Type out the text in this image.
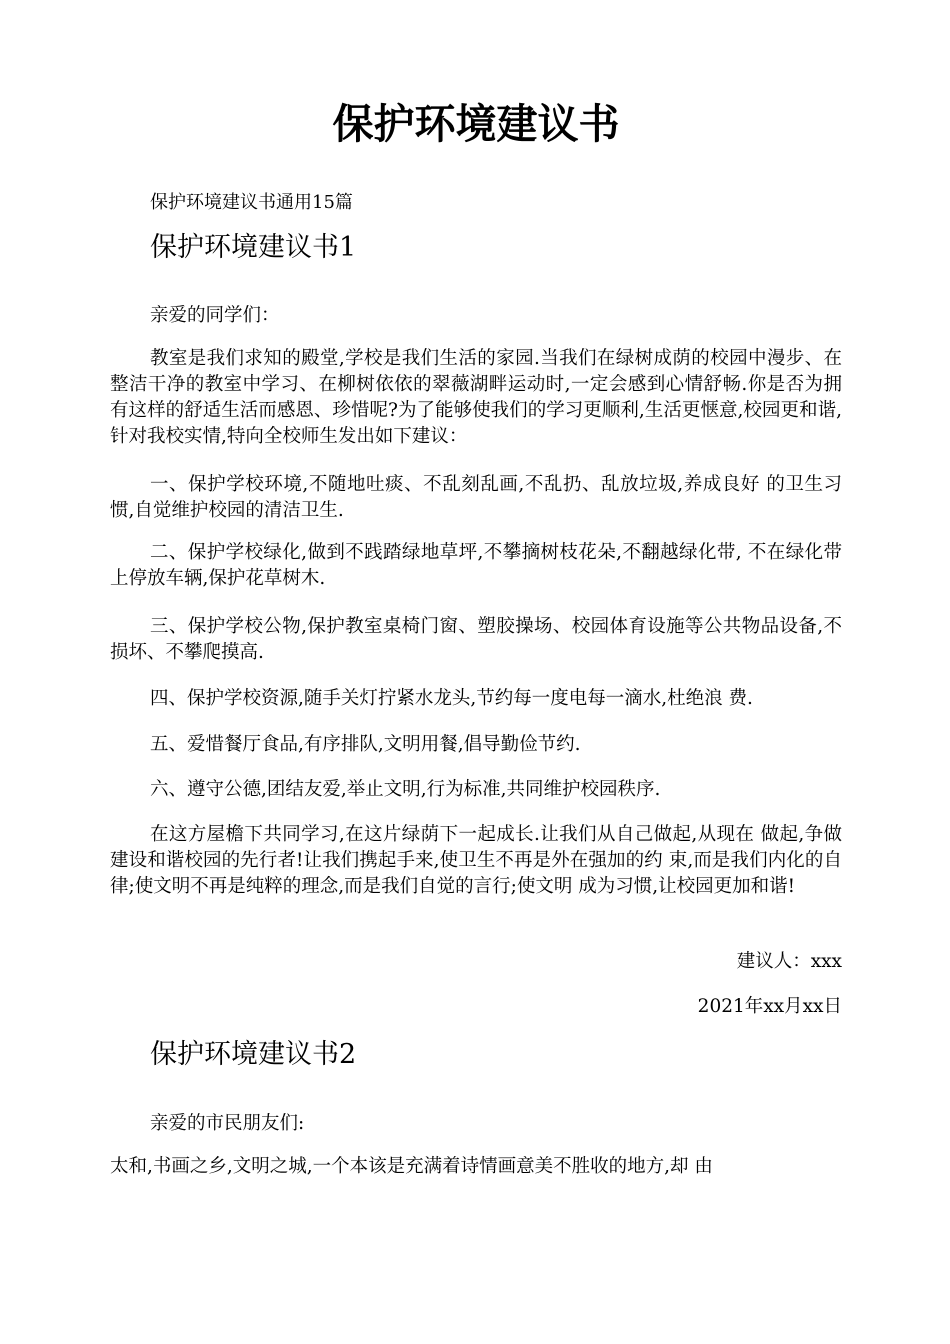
保护环境建议书

保护环境建议书通用15篇

保护环境建议书1

亲爱的同学们：

教室是我们求知的殿堂,学校是我们生活的家园.当我们在绿树成荫的校园中漫步、在整洁干净的教室中学习、在柳树依依的翠薇湖畔运动时,一定会感到心情舒畅.你是否为拥有这样的舒适生活而感恩、珍惜呢?为了能够使我们的学习更顺利,生活更惬意,校园更和谐,针对我校实情,特向全校师生发出如下建议：

一、保护学校环境,不随地吐痰、不乱刻乱画,不乱扔、乱放垃圾,养成良好 的卫生习惯,自觉维护校园的清洁卫生.

二、保护学校绿化,做到不践踏绿地草坪,不攀摘树枝花朵,不翻越绿化带, 不在绿化带上停放车辆,保护花草树木.

三、保护学校公物,保护教室桌椅门窗、塑胶操场、校园体育设施等公共物品设备,不损坏、不攀爬摸高.

四、保护学校资源,随手关灯拧紧水龙头,节约每一度电每一滴水,杜绝浪 费.

五、爱惜餐厅食品,有序排队,文明用餐,倡导勤俭节约.

六、遵守公德,团结友爱,举止文明,行为标准,共同维护校园秩序.

在这方屋檐下共同学习,在这片绿荫下一起成长.让我们从自己做起,从现在 做起,争做建设和谐校园的先行者!让我们携起手来,使卫生不再是外在强加的约 束,而是我们内化的自律;使文明不再是纯粹的理念,而是我们自觉的言行;使文明 成为习惯,让校园更加和谐!

建议人：xxx

2021年xx月xx日

保护环境建议书2

亲爱的市民朋友们:

太和,书画之乡,文明之城,一个本该是充满着诗情画意美不胜收的地方,却 由
